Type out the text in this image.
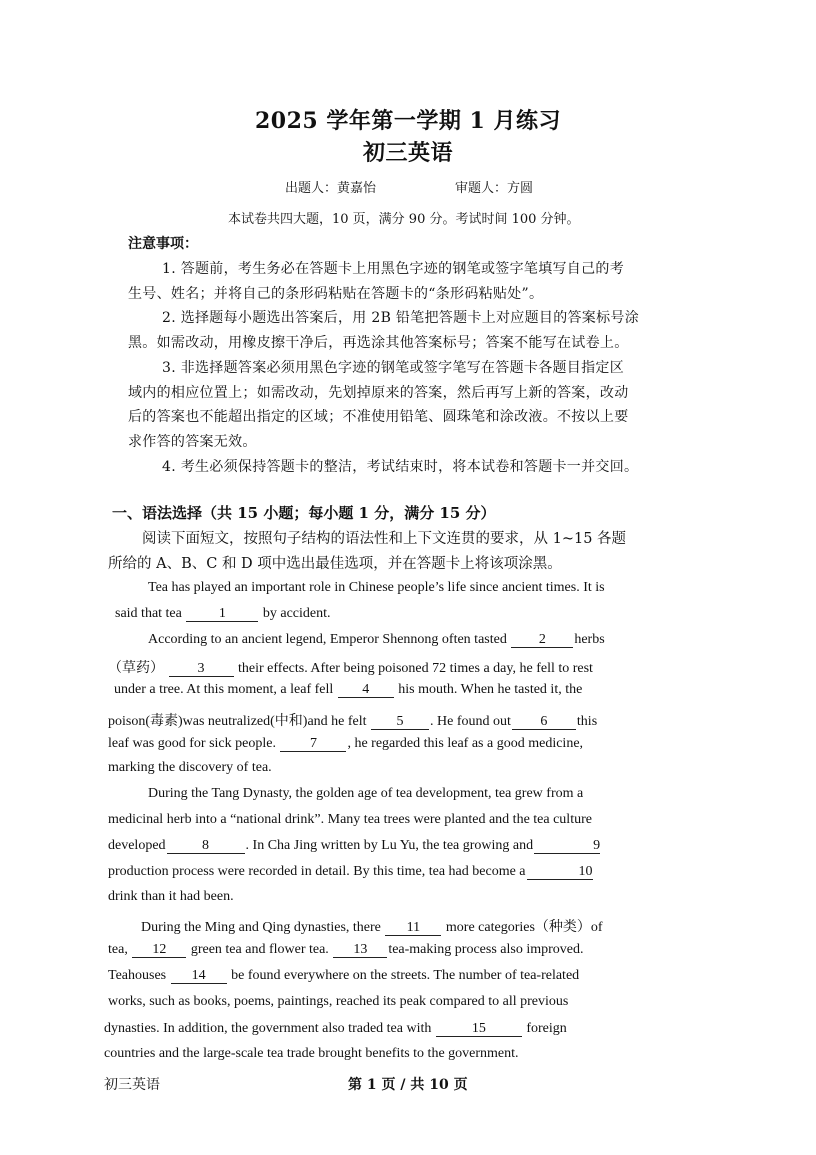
2025 学年第一学期 1 月练习
初三英语
出题人：黄嘉怡	审题人：方圆
本试卷共四大题，10 页，满分 90 分。考试时间 100 分钟。
注意事项：
1. 答题前，考生务必在答题卡上用黑色字迹的钢笔或签字笔填写自己的考
生号、姓名；并将自己的条形码粘贴在答题卡的“条形码粘贴处”。
2. 选择题每小题选出答案后，用 2B 铅笔把答题卡上对应题目的答案标号涂
黑。如需改动，用橡皮擦干净后，再选涂其他答案标号；答案不能写在试卷上。
3. 非选择题答案必须用黑色字迹的钢笔或签字笔写在答题卡各题目指定区
域内的相应位置上；如需改动，先划掉原来的答案，然后再写上新的答案，改动
后的答案也不能超出指定的区域；不准使用铅笔、圆珠笔和涂改液。不按以上要
求作答的答案无效。
4. 考生必须保持答题卡的整洁，考试结束时，将本试卷和答题卡一并交回。
一、语法选择（共 15 小题；每小题 1 分，满分 15 分）
阅读下面短文，按照句子结构的语法性和上下文连贯的要求，从 1~15 各题
所给的 A、B、C 和 D 项中选出最佳选项，并在答题卡上将该项涂黑。
Tea has played an important role in Chinese people’s life since ancient times. It is
said that tea	1	by accident.
According to an ancient legend, Emperor Shennong often tasted 2 herbs
（草药） 3 their effects. After being poisoned 72 times a day, he fell to rest
under a tree. At this moment, a leaf fell 4 his mouth. When he tasted it, the
poison(毒素)was neutralized(中和)and he felt 5 . He found out 6 this
leaf was good for sick people. 7 , he regarded this leaf as a good medicine,
marking the discovery of tea.
During the Tang Dynasty, the golden age of tea development, tea grew from a
medicinal herb into a “national drink”. Many tea trees were planted and the tea culture
developed	8	. In Cha Jing written by Lu Yu, the tea growing and	9
production process were recorded in detail. By this time, tea had become a	10
drink than it had been.
During the Ming and Qing dynasties, there 11 more categories（种类）of
tea, 12 green tea and flower tea. 13 tea-making process also improved.
Teahouses 14 be found everywhere on the streets. The number of tea-related
works, such as books, poems, paintings, reached its peak compared to all previous
dynasties. In addition, the government also traded tea with	15	foreign
countries and the large-scale tea trade brought benefits to the government.
初三英语	第 1 页 / 共 10 页
